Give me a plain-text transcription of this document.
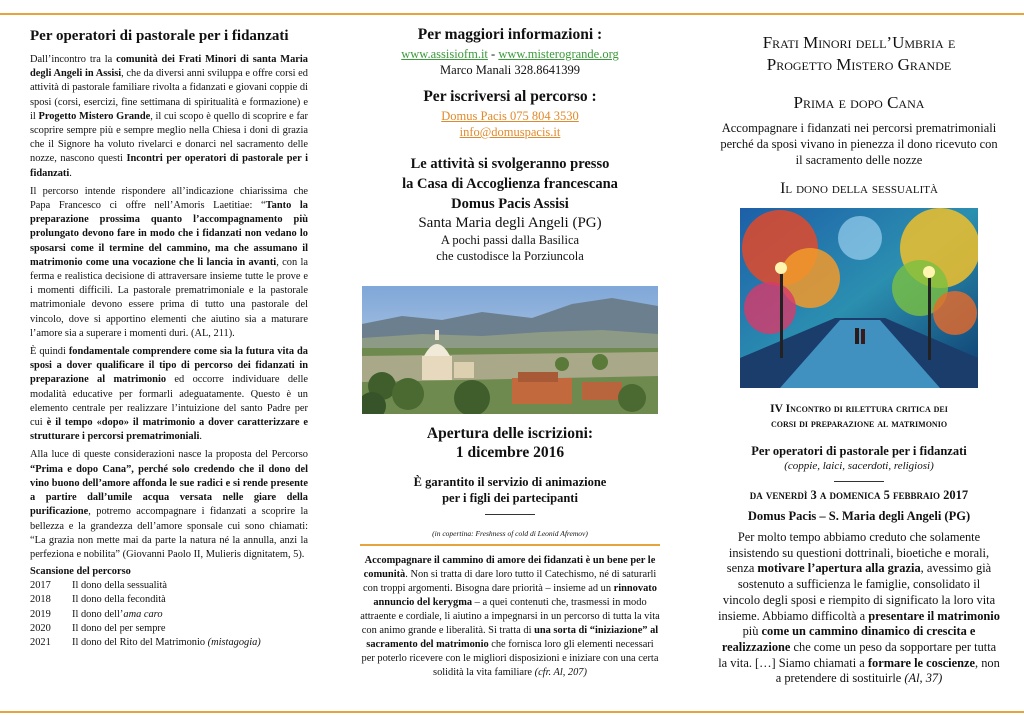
Per operatori di pastorale per i fidanzati

Dall’incontro tra la comunità dei Frati Minori di santa Maria degli Angeli in Assisi, che da diversi anni sviluppa e offre corsi ed attività di pastorale familiare rivolta a fidanzati e giovani coppie di sposi (corsi, esercizi, fine settimana di spiritualità e formazione) e il Progetto Mistero Grande, il cui scopo è quello di scoprire e far scoprire sempre più e sempre meglio nella Chiesa i doni di grazia che il Signore ha voluto rivelarci e donarci nel sacramento delle nozze, nascono questi Incontri per operatori di pastorale per i fidanzati.

Il percorso intende rispondere all’indicazione chiarissima che Papa Francesco ci offre nell’Amoris Laetitiae: “Tanto la preparazione prossima quanto l’accompagnamento più prolungato devono fare in modo che i fidanzati non vedano lo sposarsi come il termine del cammino, ma che assumano il matrimonio come una vocazione che li lancia in avanti, con la ferma e realistica decisione di attraversare insieme tutte le prove e i momenti difficili. La pastorale prematrimoniale e la pastorale matrimoniale devono essere prima di tutto una pastorale del vincolo, dove si apportino elementi che aiutino sia a maturare l’amore sia a superare i momenti duri. (AL, 211).

È quindi fondamentale comprendere come sia la futura vita da sposi a dover qualificare il tipo di percorso dei fidanzati in preparazione al matrimonio ed occorre individuare delle modalità educative per formarli adeguatamente. Questo è un elemento centrale per realizzare l’intuizione del santo Padre per cui è il tempo «dopo» il matrimonio a dover caratterizzare e strutturare i percorsi prematrimoniali.

Alla luce di queste considerazioni nasce la proposta del Percorso “Prima e dopo Cana”, perché solo credendo che il dono del vino buono dell’amore affonda le sue radici e si rende presente a partire dall’umile acqua versata nelle giare della purificazione, potremo accompagnare i fidanzati a scoprire la bellezza e la grandezza dell’amore sponsale cui sono chiamati: “La grazia non mette mai da parte la natura né la annulla, anzi la perfeziona e nobilita” (Giovanni Paolo II, Mulieris dignitatem, 5).

Scansione del percorso
2017	Il dono della sessualità
2018	Il dono della fecondità
2019	Il dono dell’ama caro
2020	Il dono del per sempre
2021	Il dono del Rito del Matrimonio (mistagogia)
Per maggiori informazioni :
www.assisiofm.it - www.misterogrande.org
Marco Manali 328.8641399
Per iscriversi al percorso :
Domus Pacis 075 804 3530
info@domuspacis.it
Le attività si svolgeranno presso
la Casa di Accoglienza francescana
Domus Pacis Assisi
Santa Maria degli Angeli (PG)
A pochi passi dalla Basilica
che custodisce la Porziuncola
Apertura delle iscrizioni:
1 dicembre 2016
È garantito il servizio di animazione
per i figli dei partecipanti
(in copertina: Freshness of cold di Leonid Afremov)
Accompagnare il cammino di amore dei fidanzati è un bene per le comunità. Non si tratta di dare loro tutto il Catechismo, né di saturarli con troppi argomenti. Bisogna dare priorità – insieme ad un rinnovato annuncio del kerygma – a quei contenuti che, trasmessi in modo attraente e cordiale, li aiutino a impegnarsi in un percorso di tutta la vita con animo grande e liberalità. Si tratta di una sorta di “iniziazione” al sacramento del matrimonio che fornisca loro gli elementi necessari per poterlo ricevere con le migliori disposizioni e iniziare con una certa solidità la vita familiare (cfr. Al, 207)
Frati Minori dell’Umbria e
Progetto Mistero Grande
Prima e dopo Cana
Accompagnare i fidanzati nei percorsi prematrimoniali perché da sposi vivano in pienezza il dono ricevuto con il sacramento delle nozze
Il dono della sessualità
IV Incontro di rilettura critica dei
corsi di preparazione al matrimonio
Per operatori di pastorale per i fidanzati
(coppie, laici, sacerdoti, religiosi)
da venerdì 3 a domenica 5 febbraio 2017
Domus Pacis – S. Maria degli Angeli (PG)
Per molto tempo abbiamo creduto che solamente insistendo su questioni dottrinali, bioetiche e morali, senza motivare l’apertura alla grazia, avessimo già sostenuto a sufficienza le famiglie, consolidato il vincolo degli sposi e riempito di significato la loro vita insieme. Abbiamo difficoltà a presentare il matrimonio più come un cammino dinamico di crescita e realizzazione che come un peso da sopportare per tutta la vita. […] Siamo chiamati a formare le coscienze, non a pretendere di sostituirle (Al, 37)
